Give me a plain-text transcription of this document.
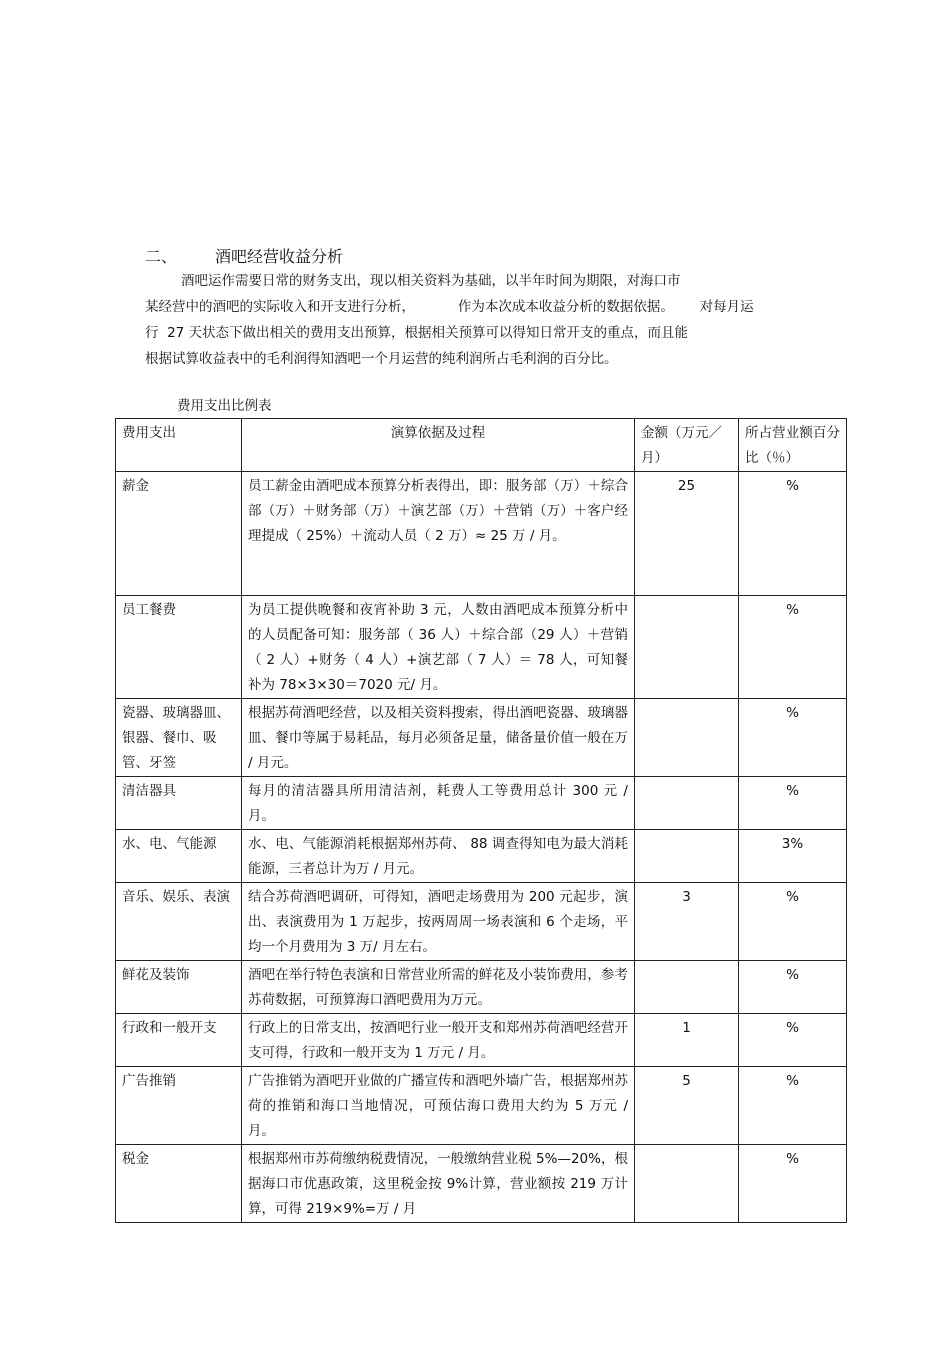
二、 酒吧经营收益分析
酒吧运作需要日常的财务支出，现以相关资料为基础，以半年时间为期限，对海口市
某经营中的酒吧的实际收入和开支进行分析，          作为本次成本收益分析的数据依据。      对每月运
行  27 天状态下做出相关的费用支出预算，根据相关预算可以得知日常开支的重点，而且能
根据试算收益表中的毛利润得知酒吧一个月运营的纯利润所占毛利润的百分比。
费用支出比例表
费用支出	演算依据及过程	金额（万元／月）	所占营业额百分比（％）
薪金	员工薪金由酒吧成本预算分析表得出，即：服务部（万）＋综合部（万）＋财务部（万）＋演艺部（万）＋营销（万）＋客户经理提成（ 25%）＋流动人员（ 2 万）≈ 25 万 / 月。	25	%
员工餐费	为员工提供晚餐和夜宵补助 3 元，人数由酒吧成本预算分析中的人员配备可知：服务部（ 36 人）＋综合部（29 人）＋营销（ 2 人）+财务（ 4 人）+演艺部（ 7 人）＝ 78 人，可知餐补为 78×3×30＝7020 元/ 月。		%
瓷器、玻璃器皿、银器、餐巾、吸管、牙签	根据苏荷酒吧经营，以及相关资料搜索，得出酒吧瓷器、玻璃器皿、餐巾等属于易耗品，每月必须备足量，储备量价值一般在万 / 月元。		%
清洁器具	每月的清洁器具所用清洁剂，耗费人工等费用总计 300 元 / 月。		%
水、电、气能源	水、电、气能源消耗根据郑州苏荷、 88 调查得知电为最大消耗能源，三者总计为万 / 月元。		3%
音乐、娱乐、表演	结合苏荷酒吧调研，可得知，酒吧走场费用为 200 元起步，演出、表演费用为 1 万起步，按两周周一场表演和 6 个走场，平均一个月费用为 3 万/ 月左右。	3	%
鲜花及装饰	酒吧在举行特色表演和日常营业所需的鲜花及小装饰费用，参考苏荷数据，可预算海口酒吧费用为万元。		%
行政和一般开支	行政上的日常支出，按酒吧行业一般开支和郑州苏荷酒吧经营开支可得，行政和一般开支为 1 万元 / 月。	1	%
广告推销	广告推销为酒吧开业做的广播宣传和酒吧外墙广告，根据郑州苏荷的推销和海口当地情况，可预估海口费用大约为 5 万元 / 月。	5	%
税金	根据郑州市苏荷缴纳税费情况，一般缴纳营业税 5%—20%，根据海口市优惠政策，这里税金按 9%计算，营业额按 219 万计算，可得 219×9%=万 / 月		%
